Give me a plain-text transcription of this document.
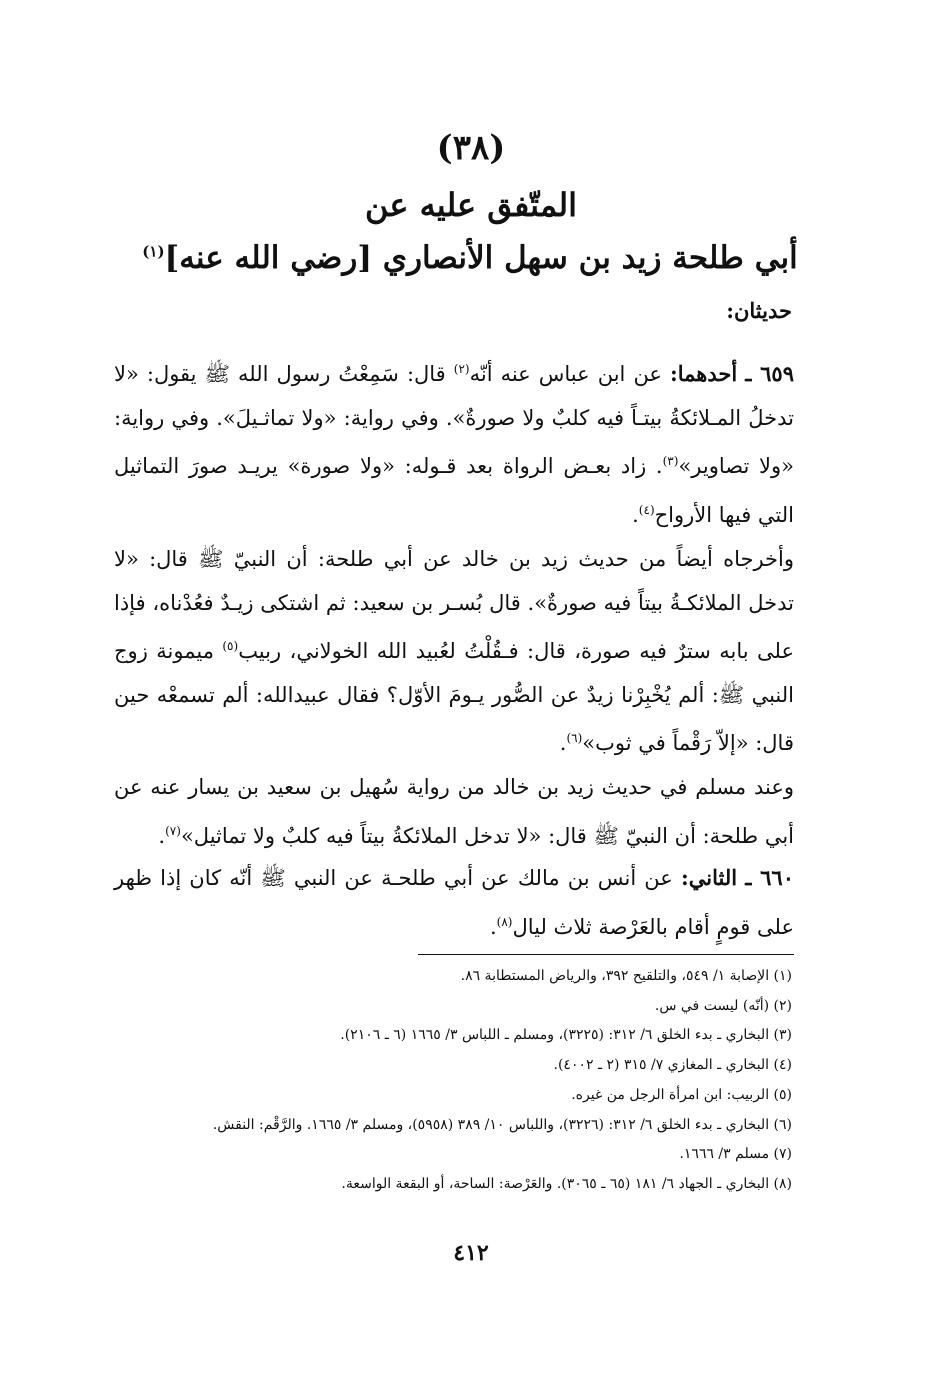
(٣٨)
المتّفق عليه عن
أبي طلحة زيد بن سهل الأنصاري [رضي الله عنه]$^{(١)}$
حديثان:
٦٥٩ ـ أحدهما: عن ابن عباس عنه أنّه$^{(٢)}$ قال: سَمِعْتُ رسول الله ﷺ يقول: «لا تدخلُ المـلائكةُ بيتـاً فيه كلبٌ ولا صورةٌ». وفي رواية: «ولا تماثـيلَ». وفي رواية: «ولا تصاوير»$^{(٣)}$. زاد بعـض الرواة بعد قـوله: «ولا صورة» يريـد صورَ التماثيل التي فيها الأرواح$^{(٤)}$.
وأخرجاه أيضاً من حديث زيد بن خالد عن أبي طلحة: أن النبيّ ﷺ قال: «لا تدخل الملائكـةُ بيتاً فيه صورةٌ». قال بُسـر بن سعيد: ثم اشتكى زيـدٌ فعُدْناه، فإذا على بابه سترٌ فيه صورة، قال: فـقُلْتُ لعُبيد الله الخولاني، ربيب$^{(٥)}$ ميمونة زوج النبي ﷺ: ألم يُخْبِرْنا زيدٌ عن الصُّور يـومَ الأوّل؟ فقال عبيدالله: ألم تسمعْه حين قال: «إلاّ رَقْماً في ثوب»$^{(٦)}$.
وعند مسلم في حديث زيد بن خالد من رواية سُهيل بن سعيد بن يسار عنه عن أبي طلحة: أن النبيّ ﷺ قال: «لا تدخل الملائكةُ بيتاً فيه كلبٌ ولا تماثيل»$^{(٧)}$.
٦٦٠ ـ الثاني: عن أنس بن مالك عن أبي طلحـة عن النبي ﷺ أنّه كان إذا ظهر على قومٍ أقام بالعَرْصة ثلاث ليال$^{(٨)}$.
(١) الإصابة ١/ ٥٤٩، والتلقيح ٣٩٢، والرياض المستطابة ٨٦.
(٢) (أنّه) ليست في س.
(٣) البخاري ـ بدء الخلق ٦/ ٣١٢: (٣٢٢٥)، ومسلم ـ اللباس ٣/ ١٦٦٥ (٦ ـ ٢١٠٦).
(٤) البخاري ـ المغازي ٧/ ٣١٥ (٢ ـ ٤٠٠٢).
(٥) الربيب: ابن امرأة الرجل من غيره.
(٦) البخاري ـ بدء الخلق ٦/ ٣١٢: (٣٢٢٦)، واللباس ١٠/ ٣٨٩ (٥٩٥٨)، ومسلم ٣/ ١٦٦٥. والرَّقْم: النقش.
(٧) مسلم ٣/ ١٦٦٦.
(٨) البخاري ـ الجهاد ٦/ ١٨١ (٦٥ ـ ٣٠٦٥). والعَرْصة: الساحة، أو البقعة الواسعة.
٤١٢
